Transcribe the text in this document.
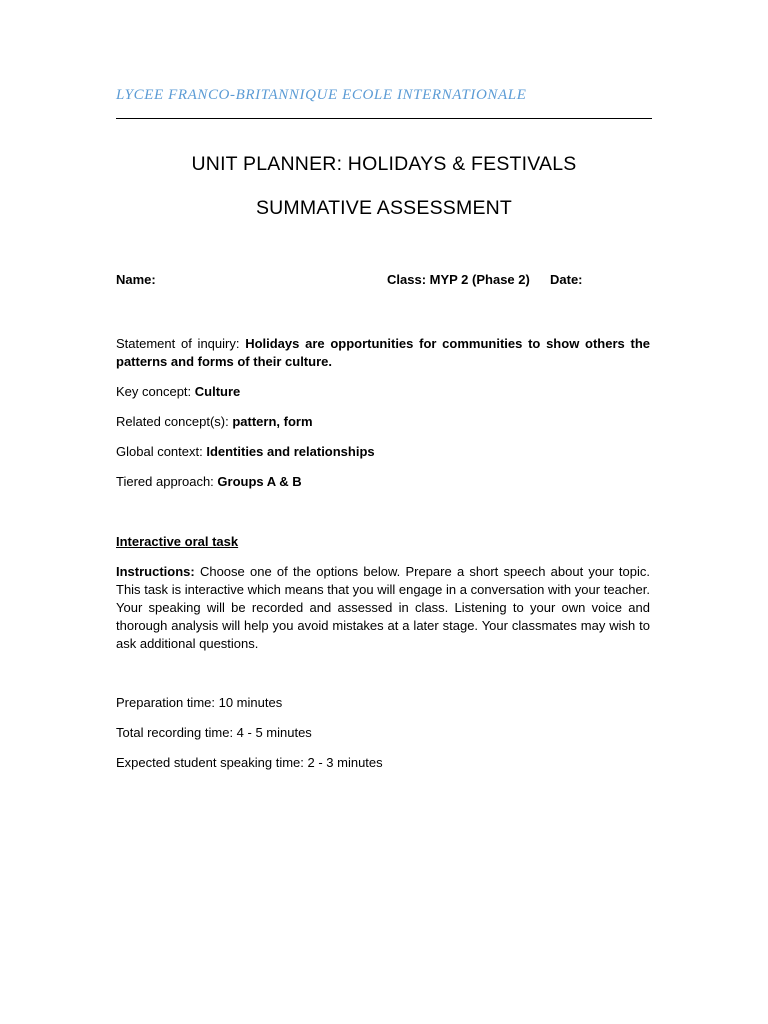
LYCEE FRANCO-BRITANNIQUE ECOLE INTERNATIONALE
UNIT PLANNER: HOLIDAYS & FESTIVALS
SUMMATIVE ASSESSMENT
Name:	Class: MYP 2 (Phase 2) Date:
Statement of inquiry: Holidays are opportunities for communities to show others the patterns and forms of their culture.
Key concept: Culture
Related concept(s): pattern, form
Global context: Identities and relationships
Tiered approach: Groups A & B
Interactive oral task
Instructions: Choose one of the options below. Prepare a short speech about your topic. This task is interactive which means that you will engage in a conversation with your teacher. Your speaking will be recorded and assessed in class. Listening to your own voice and thorough analysis will help you avoid mistakes at a later stage. Your classmates may wish to ask additional questions.
Preparation time: 10 minutes
Total recording time: 4 - 5 minutes
Expected student speaking time: 2 - 3 minutes
